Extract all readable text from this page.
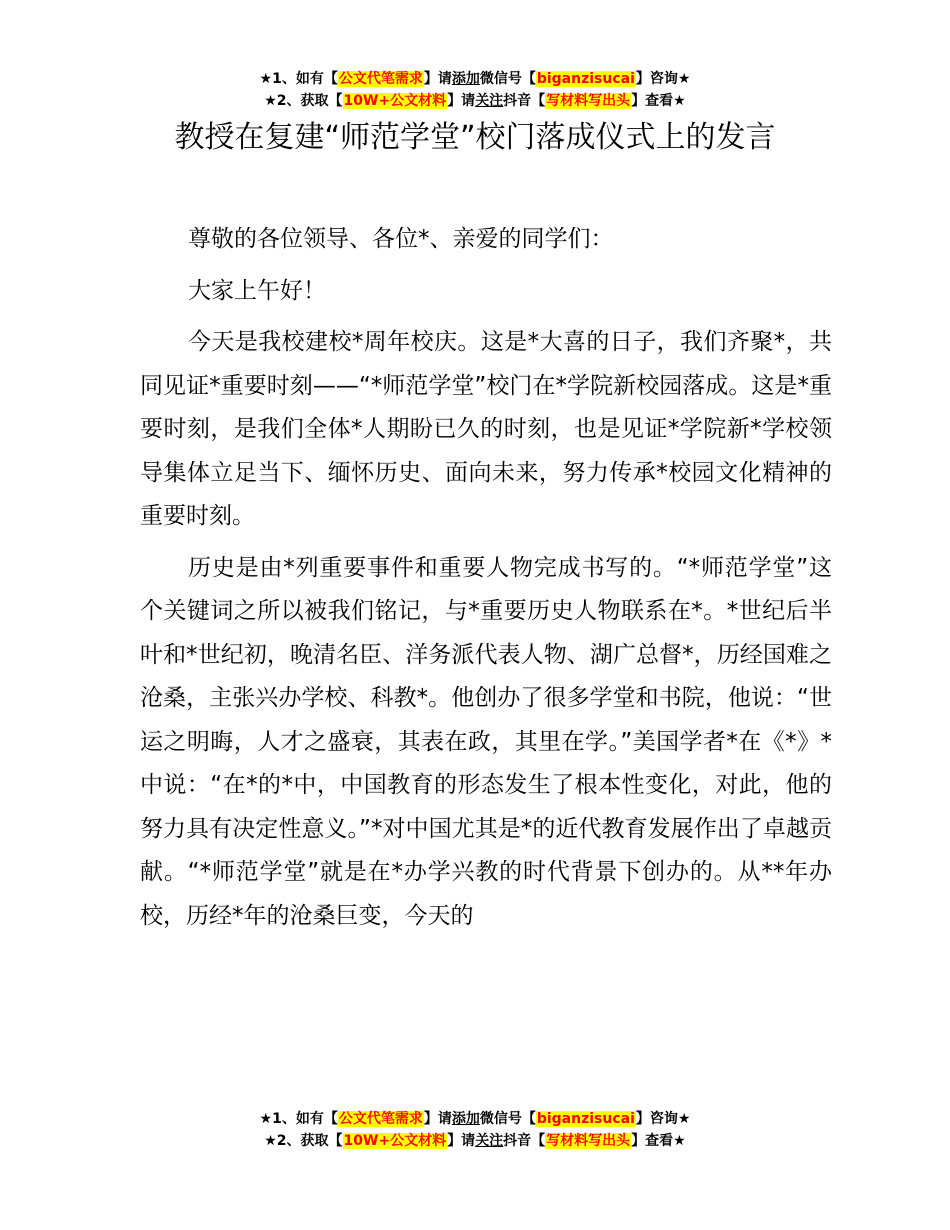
★1、如有【公文代笔需求】请添加微信号【biganzisucai】咨询★
★2、获取【10W+公文材料】请关注抖音【写材料写出头】查看★
教授在复建“师范学堂”校门落成仪式上的发言

尊敬的各位领导、各位*、亲爱的同学们：

大家上午好！

今天是我校建校*周年校庆。这是*大喜的日子，我们齐聚*，共同见证*重要时刻——“*师范学堂”校门在*学院新校园落成。这是*重要时刻，是我们全体*人期盼已久的时刻，也是见证*学院新*学校领导集体立足当下、缅怀历史、面向未来，努力传承*校园文化精神的重要时刻。

历史是由*列重要事件和重要人物完成书写的。“*师范学堂”这个关键词之所以被我们铭记，与*重要历史人物联系在*。*世纪后半叶和*世纪初，晚清名臣、洋务派代表人物、湖广总督*，历经国难之沧桑，主张兴办学校、科教*。他创办了很多学堂和书院，他说：“世运之明晦，人才之盛衰，其表在政，其里在学。”美国学者*在《*》*中说：“在*的*中，中国教育的形态发生了根本性变化，对此，他的努力具有决定性意义。”*对中国尤其是*的近代教育发展作出了卓越贡献。“*师范学堂”就是在*办学兴教的时代背景下创办的。从**年办校，历经*年的沧桑巨变，今天的

★1、如有【公文代笔需求】请添加微信号【biganzisucai】咨询★
★2、获取【10W+公文材料】请关注抖音【写材料写出头】查看★
